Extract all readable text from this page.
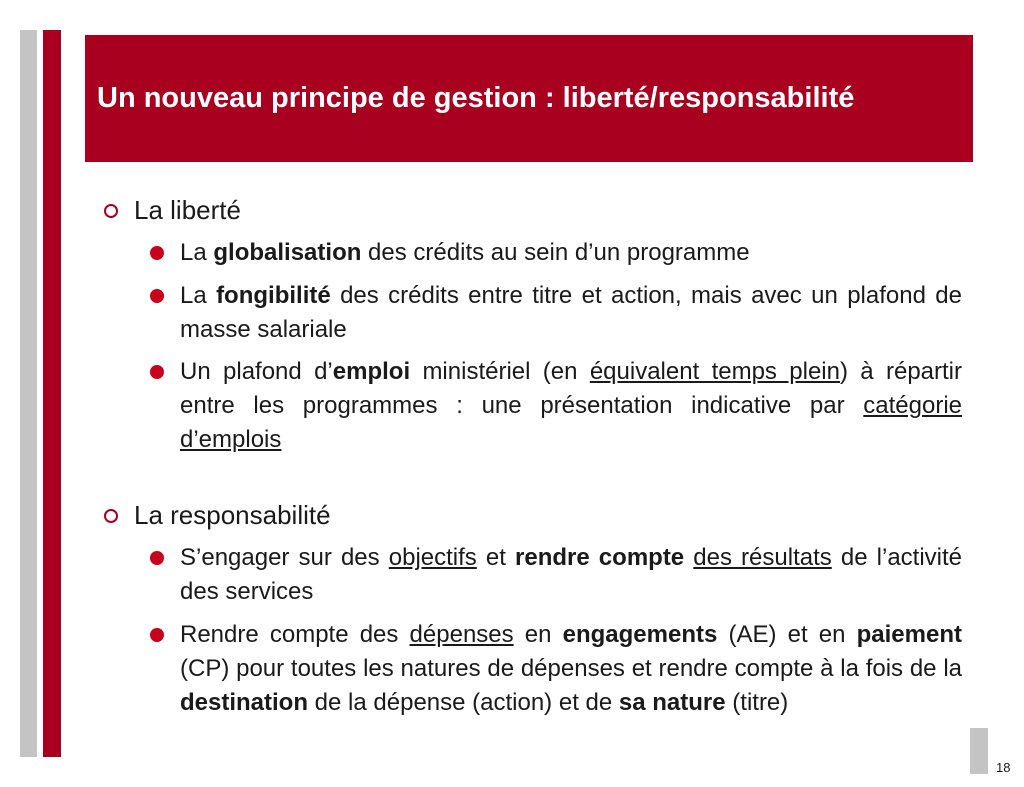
Un nouveau principe de gestion : liberté/responsabilité
La liberté
La globalisation des crédits au sein d’un programme
La fongibilité des crédits entre titre et action, mais avec un plafond de masse salariale
Un plafond d’emploi ministériel (en équivalent temps plein) à répartir entre les programmes : une présentation indicative par catégorie d’emplois
La responsabilité
S’engager sur des objectifs et rendre compte des résultats de l’activité des services
Rendre compte des dépenses en engagements (AE) et en paiement (CP) pour toutes les natures de dépenses et rendre compte à la fois de la destination de la dépense (action) et de sa nature (titre)
18
